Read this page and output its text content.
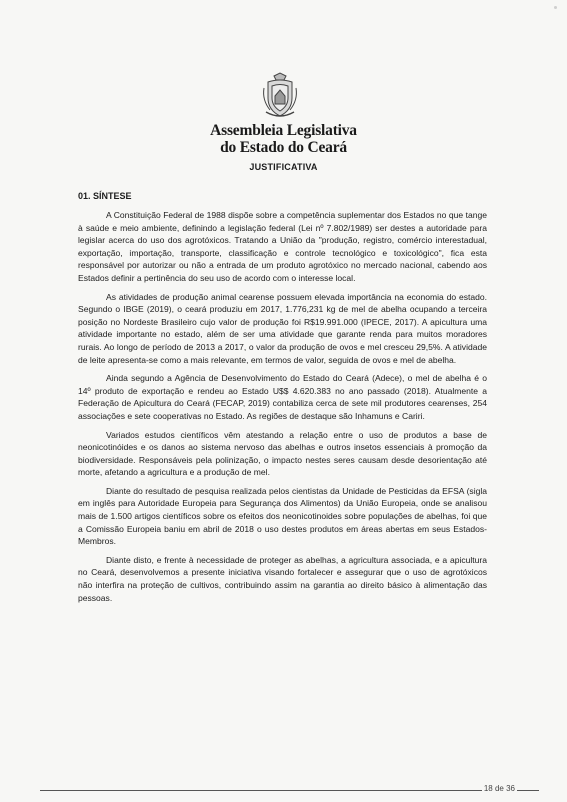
Assembleia Legislativa
do Estado do Ceará
JUSTIFICATIVA
01. SÍNTESE

A Constituição Federal de 1988 dispõe sobre a competência suplementar dos Estados no que tange à saúde e meio ambiente, definindo a legislação federal (Lei nº 7.802/1989) ser destes a autoridade para legislar acerca do uso dos agrotóxicos. Tratando a União da "produção, registro, comércio interestadual, exportação, importação, transporte, classificação e controle tecnológico e toxicológico", fica esta responsável por autorizar ou não a entrada de um produto agrotóxico no mercado nacional, cabendo aos Estados definir a pertinência do seu uso de acordo com o interesse local.

As atividades de produção animal cearense possuem elevada importância na economia do estado. Segundo o IBGE (2019), o ceará produziu em 2017, 1.776,231 kg de mel de abelha ocupando a terceira posição no Nordeste Brasileiro cujo valor de produção foi R$19.991.000 (IPECE, 2017). A apicultura uma atividade importante no estado, além de ser uma atividade que garante renda para muitos moradores rurais. Ao longo de período de 2013 a 2017, o valor da produção de ovos e mel cresceu 29,5%. A atividade de leite apresenta-se como a mais relevante, em termos de valor, seguida de ovos e mel de abelha.

Ainda segundo a Agência de Desenvolvimento do Estado do Ceará (Adece), o mel de abelha é o 14º produto de exportação e rendeu ao Estado U$$ 4.620.383 no ano passado (2018). Atualmente a Federação de Apicultura do Ceará (FECAP, 2019) contabiliza cerca de sete mil produtores cearenses, 254 associações e sete cooperativas no Estado. As regiões de destaque são Inhamuns e Cariri.

Variados estudos científicos vêm atestando a relação entre o uso de produtos a base de neonicotinóides e os danos ao sistema nervoso das abelhas e outros insetos essenciais à promoção da biodiversidade. Responsáveis pela polinização, o impacto nestes seres causam desde desorientação até morte, afetando a agricultura e a produção de mel.

Diante do resultado de pesquisa realizada pelos cientistas da Unidade de Pesticidas da EFSA (sigla em inglês para Autoridade Europeia para Segurança dos Alimentos) da União Europeia, onde se analisou mais de 1.500 artigos científicos sobre os efeitos dos neonicotinoides sobre populações de abelhas, foi que a Comissão Europeia baniu em abril de 2018 o uso destes produtos em áreas abertas em seus Estados-Membros.

Diante disto, e frente à necessidade de proteger as abelhas, a agricultura associada, e a apicultura no Ceará, desenvolvemos a presente iniciativa visando fortalecer e assegurar que o uso de agrotóxicos não interfira na proteção de cultivos, contribuindo assim na garantia ao direito básico à alimentação das pessoas.

18 de 36
